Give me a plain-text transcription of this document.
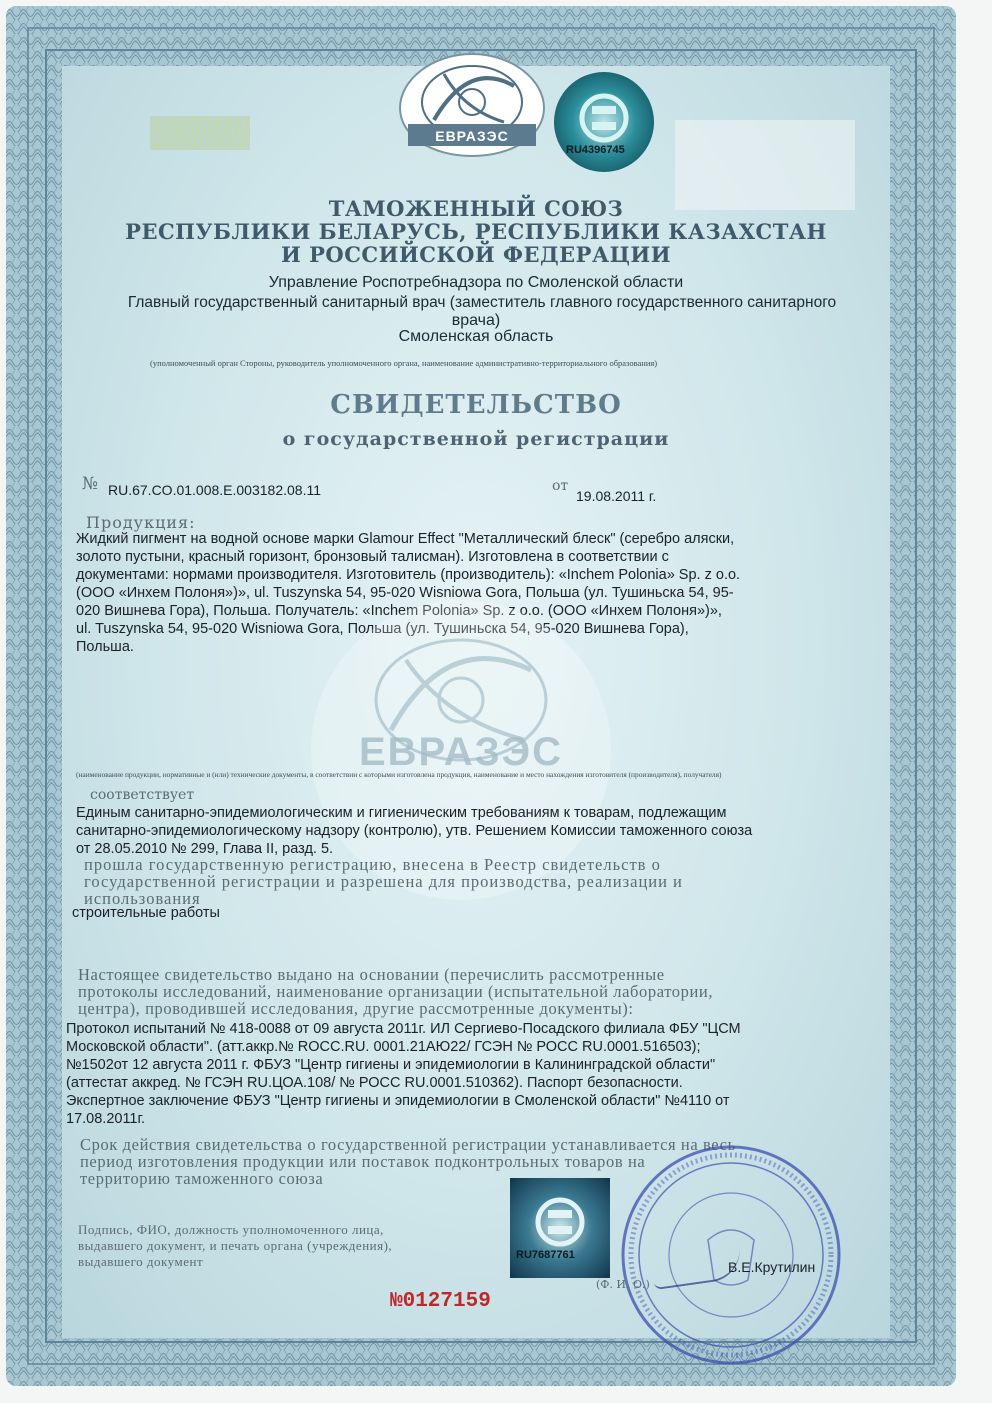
ЕВРАЗЭС
RU4396745
ТАМОЖЕННЫЙ СОЮЗ
РЕСПУБЛИКИ БЕЛАРУСЬ, РЕСПУБЛИКИ КАЗАХСТАН
И РОССИЙСКОЙ ФЕДЕРАЦИИ
Управление Роспотребнадзора по Смоленской области
Главный государственный санитарный врач (заместитель главного государственного санитарного
врача)
Смоленская область
(уполномоченный орган Стороны, руководитель уполномоченного органа, наименование административно-территориального образования)
СВИДЕТЕЛЬСТВО
о государственной регистрации
№ RU.67.CO.01.008.E.003182.08.11	от
19.08.2011 г.
Продукция:
Жидкий пигмент на водной основе марки Glamour Effect "Металлический блеск" (серебро аляски,
золото пустыни, красный горизонт, бронзовый талисман). Изготовлена в соответствии с
документами: нормами производителя. Изготовитель (производитель): «Inchem Polonia» Sp. z o.o.
(ООО «Инхем Полоня»)», ul. Tuszynska 54, 95-020 Wisniowa Gora, Польша (ул. Тушиньска 54, 95-
020 Вишнева Гора), Польша. Получатель: «Inchem Polonia» Sp. z o.o. (ООО «Инхем Полоня»)»,
ul. Tuszynska 54, 95-020 Wisniowa Gora, Польша (ул. Тушиньска 54, 95-020 Вишнева Гора),
Польша.
ЕВРАЗЭС
(наименование продукции, нормативные и (или) технические документы, в соответствии с которыми изготовлена продукция, наименование и место нахождения изготовителя (производителя), получателя)
соответствует
Единым санитарно-эпидемиологическим и гигиеническим требованиям к товарам, подлежащим
санитарно-эпидемиологическому надзору (контролю), утв. Решением Комиссии таможенного союза
от 28.05.2010 № 299, Глава II, разд. 5.
прошла государственную регистрацию, внесена в Реестр свидетельств о
государственной регистрации и разрешена для производства, реализации и
использования
строительные работы
Настоящее свидетельство выдано на основании (перечислить рассмотренные
протоколы исследований, наименование организации (испытательной лаборатории,
центра), проводившей исследования, другие рассмотренные документы):
Протокол испытаний № 418-0088 от 09 августа 2011г. ИЛ Сергиево-Посадского филиала ФБУ "ЦСМ
Московской области". (атт.аккр.№ ROCC.RU. 0001.21АЮ22/ ГСЭН № РОСС RU.0001.516503);
№1502от 12 августа 2011 г. ФБУЗ "Центр гигиены и эпидемиологии в Калининградской области"
(аттестат аккред. № ГСЭН RU.ЦОА.108/ № РОСС RU.0001.510362). Паспорт безопасности.
Экспертное заключение ФБУЗ "Центр гигиены и эпидемиологии в Смоленской области" №4110 от
17.08.2011г.
Срок действия свидетельства о государственной регистрации устанавливается на весь
период изготовления продукции или поставок подконтрольных товаров на
территорию таможенного союза
Подпись, ФИО, должность уполномоченного лица,
выдавшего документ, и печать органа (учреждения),
выдавшего документ	RU7687761
В.Е.Крутилин
(Ф. И. О.)
№0127159
